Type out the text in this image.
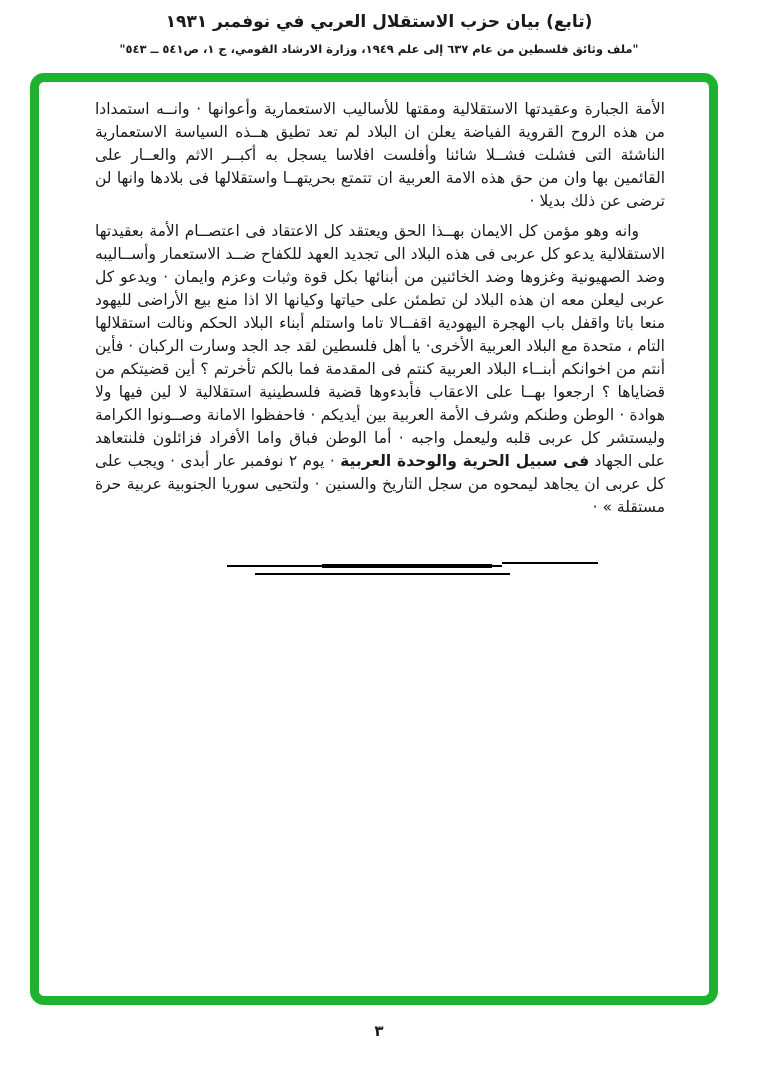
(تابع) بيان حزب الاستقلال العربي في نوفمبر ١٩٣١
"ملف وثائق فلسطين من عام ٦٣٧ إلى علم ١٩٤٩، وزارة الارشاد القومي، ج ١، ص٥٤١ ــ ٥٤٣"

الأمة الجبارة وعقيدتها الاستقلالية ومقتها للأساليب الاستعمارية وأعوانها · وانــه استمدادا من هذه الروح القروية الفياضة يعلن ان البلاد لم تعد تطيق هــذه السياسة الاستعمارية الناشئة التى فشلت فشــلا شائنا وأفلست افلاسا يسجل به أكبــر الاثم والعــار على القائمين بها وان من حق هذه الامة العربية ان تتمتع بحريتهــا واستقلالها فى بلادها وانها لن ترضى عن ذلك بديلا ·

وانه وهو مؤمن كل الايمان بهــذا الحق ويعتقد كل الاعتقاد فى اعتصــام الأمة بعقيدتها الاستقلالية يدعو كل عربى فى هذه البلاد الى تجديد العهد للكفاح ضــد الاستعمار وأســاليبه وضد الصهيونية وغزوها وضد الخائنين من أبنائها بكل قوة وثبات وعزم وايمان · ويدعو كل عربى ليعلن معه ان هذه البلاد لن تطمئن على حياتها وكيانها الا اذا منع بيع الأراضى لليهود منعا باتا واقفل باب الهجرة اليهودية اقفــالا تاما واستلم أبناء البلاد الحكم ونالت استقلالها التام ، متحدة مع البلاد العربية الأخرى· يا أهل فلسطين لقد جد الجد وسارت الركبان · فأين أنتم من اخوانكم أبنــاء البلاد العربية كنتم فى المقدمة فما بالكم تأخرتم ؟ أين قضيتكم من قضاياها ؟ ارجعوا بهــا على الاعقاب فأبدءوها قضية فلسطينية استقلالية لا لين فيها ولا هوادة · الوطن وطنكم وشرف الأمة العربية بين أيديكم · فاحفظوا الامانة وصــونوا الكرامة وليستشر كل عربى قلبه وليعمل واجبه · أما الوطن فباق واما الأفراد فزائلون فلنتعاهد على الجهاد فى سبيل الحرية والوحدة العربية · يوم ٢ نوفمبر عار أبدى · ويجب على كل عربى ان يجاهد ليمحوه من سجل التاريخ والسنين · ولتحيى سوريا الجنوبية عربية حرة مستقلة » ·

٣
